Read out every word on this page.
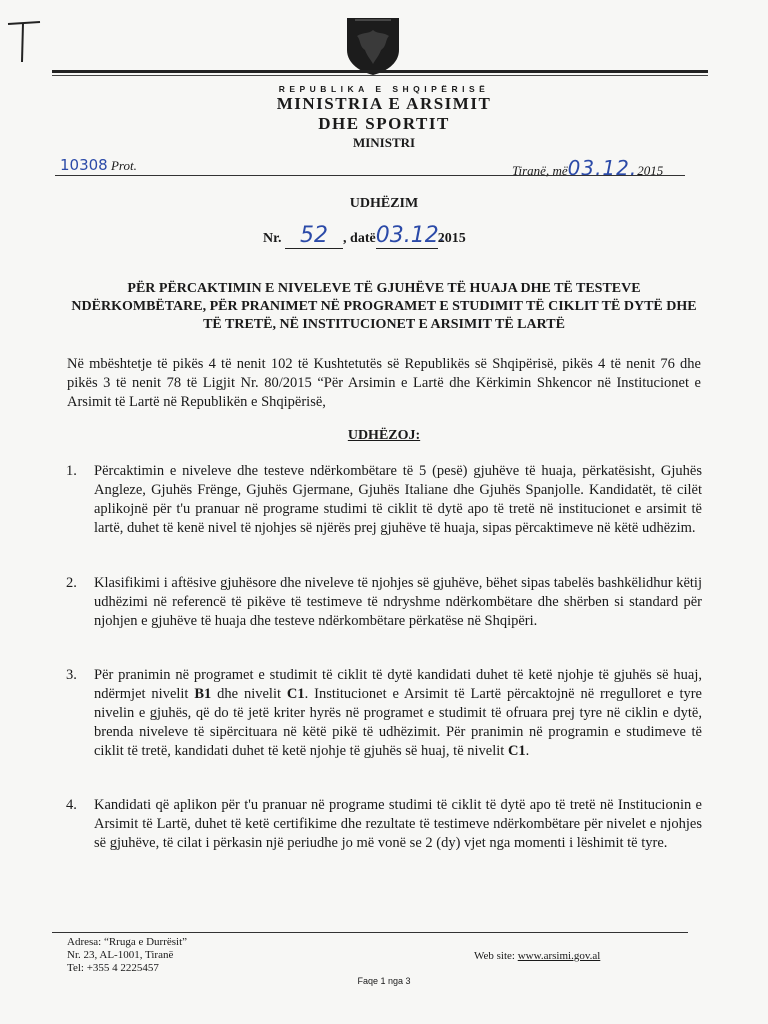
REPUBLIKA E SHQIPËRISË
MINISTRIA E ARSIMIT
DHE SPORTIT
MINISTRI
10308 Prot.	Tiranë, më03.12.2015
UDHËZIM
Nr. 52 , datë03.12.2015
PËR PËRCAKTIMIN E NIVELEVE TË GJUHËVE TË HUAJA DHE TË TESTEVE NDËRKOMBËTARE, PËR PRANIMET NË PROGRAMET E STUDIMIT TË CIKLIT TË DYTË DHE TË TRETË, NË INSTITUCIONET E ARSIMIT TË LARTË
Në mbështetje të pikës 4 të nenit 102 të Kushtetutës së Republikës së Shqipërisë, pikës 4 të nenit 76 dhe pikës 3 të nenit 78 të Ligjit Nr. 80/2015 “Për Arsimin e Lartë dhe Kërkimin Shkencor në Institucionet e Arsimit të Lartë në Republikën e Shqipërisë,
UDHËZOJ:
1.	Përcaktimin e niveleve dhe testeve ndërkombëtare të 5 (pesë) gjuhëve të huaja, përkatësisht, Gjuhës Angleze, Gjuhës Frënge, Gjuhës Gjermane, Gjuhës Italiane dhe Gjuhës Spanjolle. Kandidatët, të cilët aplikojnë për t'u pranuar në programe studimi të ciklit të dytë apo të tretë në institucionet e arsimit të lartë, duhet të kenë nivel të njohjes së njërës prej gjuhëve të huaja, sipas përcaktimeve në këtë udhëzim.
2.	Klasifikimi i aftësive gjuhësore dhe niveleve të njohjes së gjuhëve, bëhet sipas tabelës bashkëlidhur këtij udhëzimi në referencë të pikëve të testimeve të ndryshme ndërkombëtare dhe shërben si standard për njohjen e gjuhëve të huaja dhe testeve ndërkombëtare përkatëse në Shqipëri.
3.	Për pranimin në programet e studimit të ciklit të dytë kandidati duhet të ketë njohje të gjuhës së huaj, ndërmjet nivelit B1 dhe nivelit C1. Institucionet e Arsimit të Lartë përcaktojnë në rregulloret e tyre nivelin e gjuhës, që do të jetë kriter hyrës në programet e studimit të ofruara prej tyre në ciklin e dytë, brenda niveleve të sipërcituara në këtë pikë të udhëzimit. Për pranimin në programin e studimeve të ciklit të tretë, kandidati duhet të ketë njohje të gjuhës së huaj, të nivelit C1.
4.	Kandidati që aplikon për t'u pranuar në programe studimi të ciklit të dytë apo të tretë në Institucionin e Arsimit të Lartë, duhet të ketë certifikime dhe rezultate të testimeve ndërkombëtare për nivelet e njohjes së gjuhëve, të cilat i përkasin një periudhe jo më vonë se 2 (dy) vjet nga momenti i lëshimit të tyre.
Adresa: “Rruga e Durrësit”
Nr. 23, AL-1001, Tiranë
Tel: +355 4 2225457
Web site: www.arsimi.gov.al
Faqe 1 nga 3
